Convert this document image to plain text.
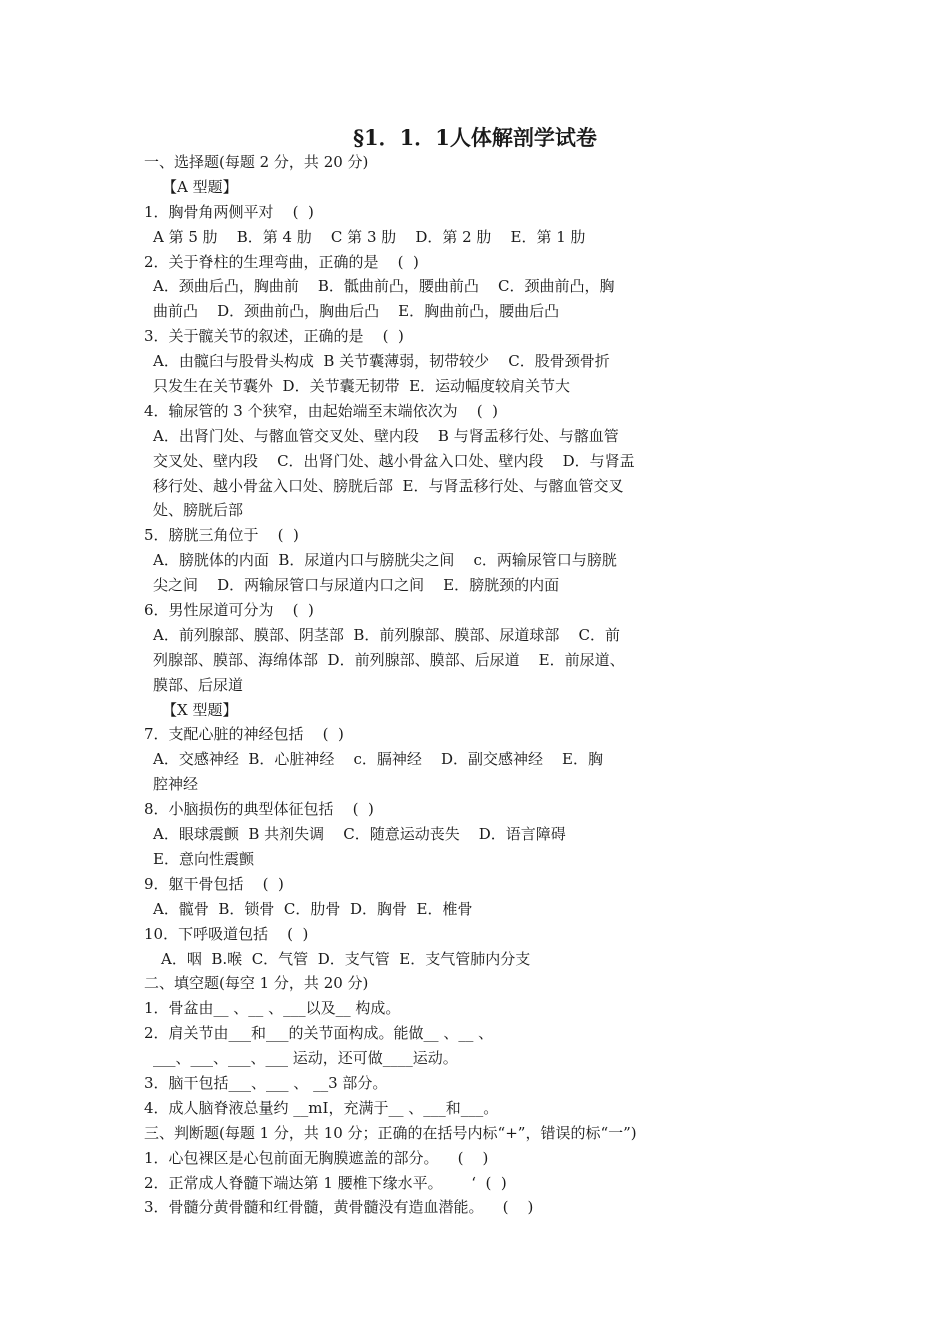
§1．1．1人体解剖学试卷
一、选择题(每题 2 分，共 20 分)
【A 型题】
1．胸骨角两侧平对    (  )
A 第 5 肋    B．第 4 肋    C 第 3 肋    D．第 2 肋    E．第 1 肋
2．关于脊柱的生理弯曲，正确的是    (  )
A．颈曲后凸，胸曲前    B．骶曲前凸，腰曲前凸    C．颈曲前凸，胸
曲前凸    D．颈曲前凸，胸曲后凸    E．胸曲前凸，腰曲后凸
3．关于髋关节的叙述，正确的是    (  )
A．由髋臼与股骨头构成  B 关节囊薄弱，韧带较少    C．股骨颈骨折
只发生在关节囊外  D．关节囊无韧带  E．运动幅度较肩关节大
4．输尿管的 3 个狭窄，由起始端至末端依次为    (  )
A．出肾门处、与髂血管交叉处、壁内段    B 与肾盂移行处、与髂血管
交叉处、壁内段    C．出肾门处、越小骨盆入口处、壁内段    D．与肾盂
移行处、越小骨盆入口处、膀胱后部  E．与肾盂移行处、与髂血管交叉
处、膀胱后部
5．膀胱三角位于    (  )
A．膀胱体的内面  B．尿道内口与膀胱尖之间    c．两输尿管口与膀胱
尖之间    D．两输尿管口与尿道内口之间    E．膀胱颈的内面
6．男性尿道可分为    (  )
A．前列腺部、膜部、阴茎部  B．前列腺部、膜部、尿道球部    C．前
列腺部、膜部、海绵体部  D．前列腺部、膜部、后尿道    E．前尿道、
膜部、后尿道
【X 型题】
7．支配心脏的神经包括    (  )
A．交感神经  B．心脏神经    c．膈神经    D．副交感神经    E．胸
腔神经
8．小脑损伤的典型体征包括    (  )
A．眼球震颤  B 共剂失调    C．随意运动丧失    D．语言障碍
E．意向性震颤
9．躯干骨包括    (  )
A．髋骨  B．锁骨  C．肋骨  D．胸骨  E．椎骨
10．下呼吸道包括    (  )
A．咽  B.喉  C．气管  D．支气管  E．支气管肺内分支
二、填空题(每空 1 分，共 20 分)
1．骨盆由__ 、__ 、___以及__ 构成。
2．肩关节由___和___的关节面构成。能做__ 、__ 、
___、___、___、___ 运动，还可做____运动。
3．脑干包括___、___ 、 __3 部分。
4．成人脑脊液总量约 __mI，充满于__ 、___和___。
三、判断题(每题 1 分，共 10 分；正确的在括号内标“+”，错误的标“一”)
1．心包裸区是心包前面无胸膜遮盖的部分。    (    )
2．正常成人脊髓下端达第 1 腰椎下缘水平。      ‘  (  )
3．骨髓分黄骨髓和红骨髓，黄骨髓没有造血潜能。    (    )
